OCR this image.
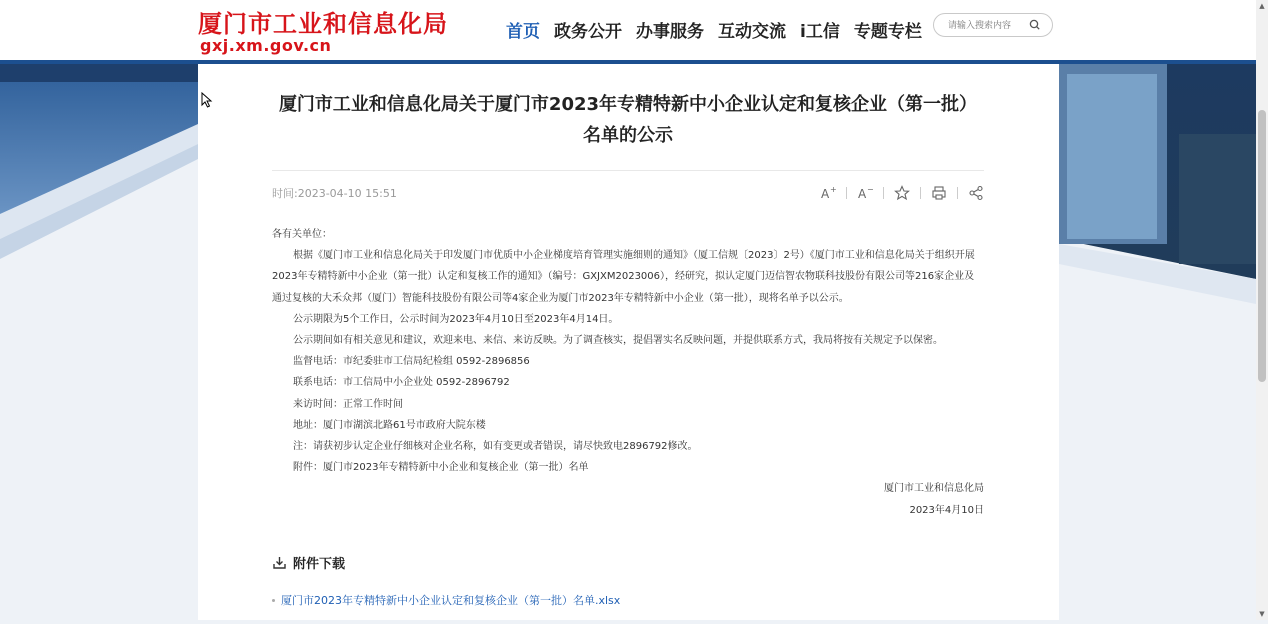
厦门市工业和信息化局
gxj.xm.gov.cn
首页 政务公开 办事服务 互动交流 i工信 专题专栏
请输入搜索内容
厦门市工业和信息化局关于厦门市2023年专精特新中小企业认定和复核企业（第一批）名单的公示
时间:2023-04-10 15:51	A + A −

各有关单位：

根据《厦门市工业和信息化局关于印发厦门市优质中小企业梯度培育管理实施细则的通知》（厦工信规〔2023〕2号）《厦门市工业和信息化局关于组织开展2023年专精特新中小企业（第一批）认定和复核工作的通知》（编号：GXJXM2023006），经研究，拟认定厦门迈信智农物联科技股份有限公司等216家企业及通过复核的大禾众邦（厦门）智能科技股份有限公司等4家企业为厦门市2023年专精特新中小企业（第一批），现将名单予以公示。

公示期限为5个工作日，公示时间为2023年4月10日至2023年4月14日。

公示期间如有相关意见和建议，欢迎来电、来信、来访反映。为了调查核实，提倡署实名反映问题，并提供联系方式，我局将按有关规定予以保密。

监督电话：市纪委驻市工信局纪检组 0592-2896856

联系电话：市工信局中小企业处 0592-2896792

来访时间：正常工作时间

地址：厦门市湖滨北路61号市政府大院东楼

注：请获初步认定企业仔细核对企业名称，如有变更或者错误，请尽快致电2896792修改。

附件：厦门市2023年专精特新中小企业和复核企业（第一批）名单

厦门市工业和信息化局

2023年4月10日

附件下载
厦门市2023年专精特新中小企业认定和复核企业（第一批）名单.xlsx
▲
▼
